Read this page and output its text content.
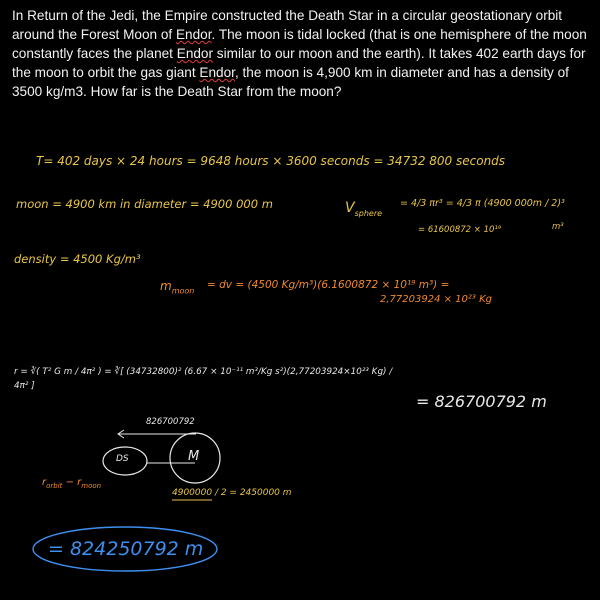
In Return of the Jedi, the Empire constructed the Death Star in a circular geostationary orbit around the Forest Moon of Endor. The moon is tidal locked (that is one hemisphere of the moon constantly faces the planet Endor similar to our moon and the earth). It takes 402 earth days for the moon to orbit the gas giant Endor, the moon is 4,900 km in diameter and has a density of 3500 kg/m3. How far is the Death Star from the moon?

T= 402 days × 24 hours = 9648 hours × 3600 seconds = 34732 800 seconds
moon = 4900 km in diameter = 4900 000 m	$V_{sphere}$
= 4/3 πr³ = 4/3 π (4900 000m / 2)³
= 61600872 × 10¹⁹	m³
density = 4500 Kg/m³
$m_{moon}$ = dv = (4500 Kg/m³)(6.1600872 × 10¹⁹ m³) =
2,77203924 × 10²³ Kg
r = ∛( T² G m / 4π² ) = ∛[ (34732800)² (6.67 × 10⁻¹¹ m³/Kg s²)(2,77203924×10²³ Kg) / 4π² ]
= 826700792 m
826700792
DS	M
$r_{orbit} - r_{moon}$
4900000 / 2 = 2450000 m
= 824250792 m
